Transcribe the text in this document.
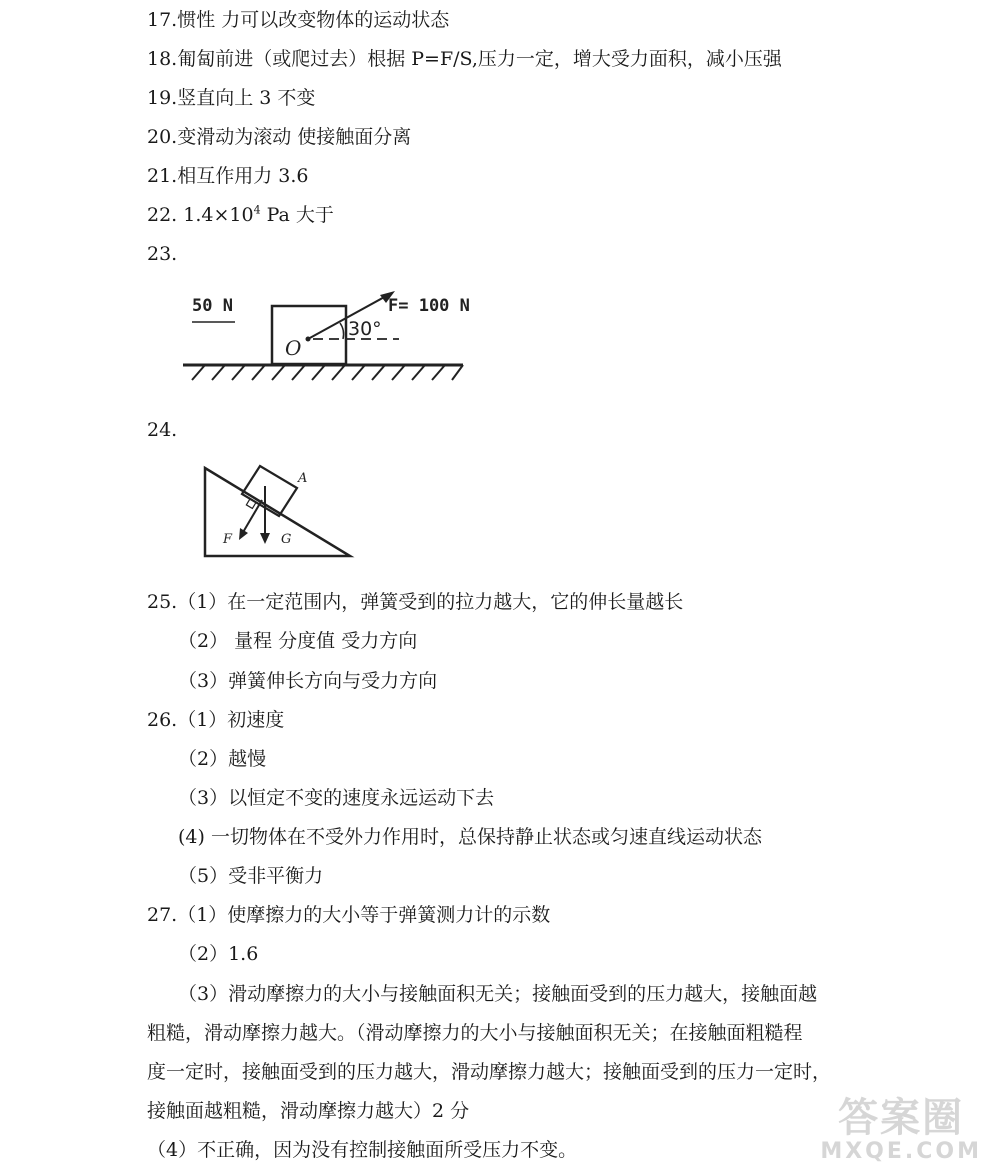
17.惯性 力可以改变物体的运动状态
18.匍匐前进（或爬过去）根据 P=F/S,压力一定，增大受力面积，减小压强
19.竖直向上 3 不变
20.变滑动为滚动 使接触面分离
21.相互作用力 3.6
22. $1.4\times 10^4$ Pa 大于
23.
50 N
O
30°
F= 100 N
24.
A
F	G
25.（1）在一定范围内，弹簧受到的拉力越大，它的伸长量越长
（2） 量程 分度值 受力方向
（3）弹簧伸长方向与受力方向
26.（1）初速度
（2）越慢
（3）以恒定不变的速度永远运动下去
(4) 一切物体在不受外力作用时，总保持静止状态或匀速直线运动状态
（5）受非平衡力
27.（1）使摩擦力的大小等于弹簧测力计的示数
（2）1.6
（3）滑动摩擦力的大小与接触面积无关；接触面受到的压力越大，接触面越
粗糙，滑动摩擦力越大。（滑动摩擦力的大小与接触面积无关；在接触面粗糙程
度一定时，接触面受到的压力越大，滑动摩擦力越大；接触面受到的压力一定时，
接触面越粗糙，滑动摩擦力越大）2 分
（4）不正确，因为没有控制接触面所受压力不变。
答案圈
MXQE.COM
